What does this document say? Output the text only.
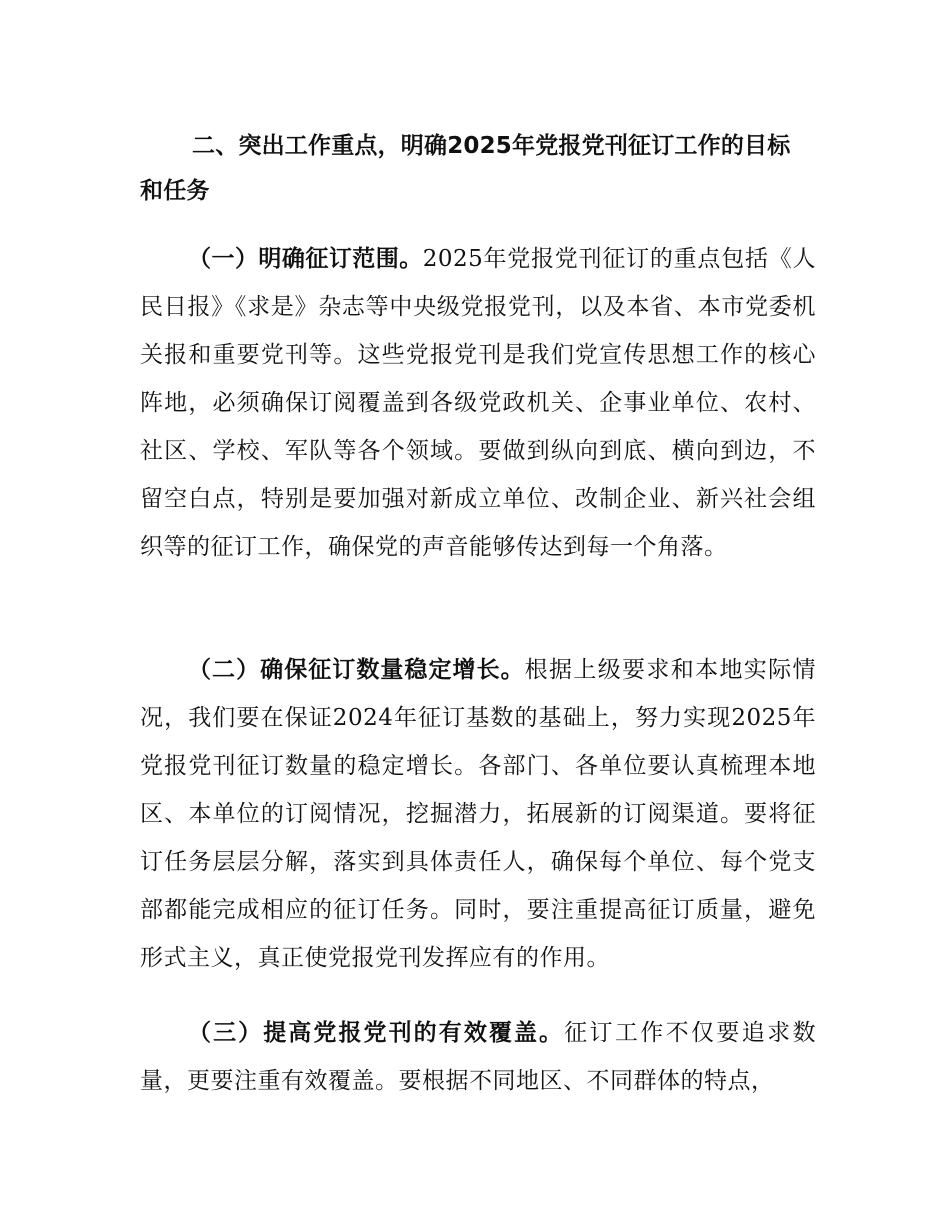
二、突出工作重点，明确2025年党报党刊征订工作的目标和任务

（一）明确征订范围。2025年党报党刊征订的重点包括《人民日报》《求是》杂志等中央级党报党刊，以及本省、本市党委机关报和重要党刊等。这些党报党刊是我们党宣传思想工作的核心阵地，必须确保订阅覆盖到各级党政机关、企事业单位、农村、社区、学校、军队等各个领域。要做到纵向到底、横向到边，不留空白点，特别是要加强对新成立单位、改制企业、新兴社会组织等的征订工作，确保党的声音能够传达到每一个角落。

（二）确保征订数量稳定增长。根据上级要求和本地实际情况，我们要在保证2024年征订基数的基础上，努力实现2025年党报党刊征订数量的稳定增长。各部门、各单位要认真梳理本地区、本单位的订阅情况，挖掘潜力，拓展新的订阅渠道。要将征订任务层层分解，落实到具体责任人，确保每个单位、每个党支部都能完成相应的征订任务。同时，要注重提高征订质量，避免形式主义，真正使党报党刊发挥应有的作用。

（三）提高党报党刊的有效覆盖。征订工作不仅要追求数量，更要注重有效覆盖。要根据不同地区、不同群体的特点，
